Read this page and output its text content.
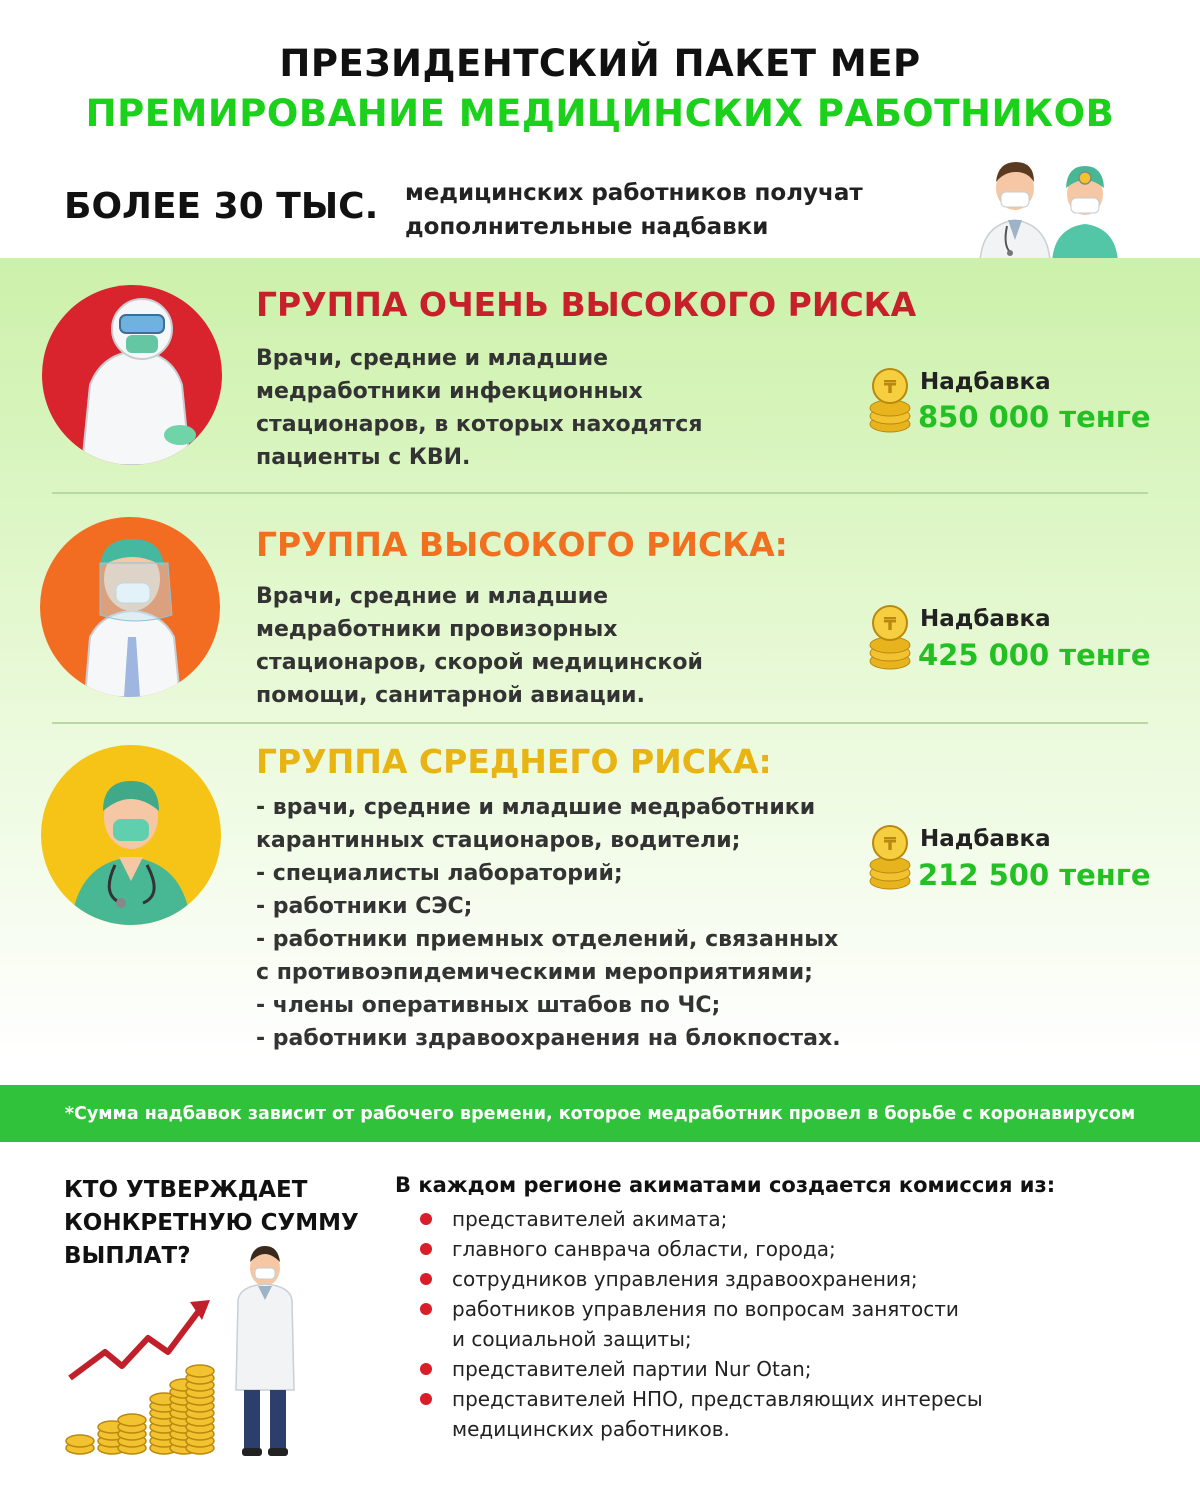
ПРЕЗИДЕНТСКИЙ ПАКЕТ МЕР
ПРЕМИРОВАНИЕ МЕДИЦИНСКИХ РАБОТНИКОВ
БОЛЕЕ 30 ТЫС. медицинских работников получат
дополнительные надбавки
ГРУППА ОЧЕНЬ ВЫСОКОГО РИСКА
Врачи, средние и младшие
медработники инфекционных
стационаров, в которых находятся
пациенты с КВИ.
₸ Надбавка
850 000 тенге
ГРУППА ВЫСОКОГО РИСКА:
Врачи, средние и младшие
медработники провизорных
стационаров, скорой медицинской
помощи, санитарной авиации.
₸ Надбавка
425 000 тенге
ГРУППА СРЕДНЕГО РИСКА:
- врачи, средние и младшие медработники
карантинных стационаров, водители;
- специалисты лабораторий;
- работники СЭС;
- работники приемных отделений, связанных
с противоэпидемическими мероприятиями;
- члены оперативных штабов по ЧС;
- работники здравоохранения на блокпостах.
₸ Надбавка
212 500 тенге
*Сумма надбавок зависит от рабочего времени, которое медработник провел в борьбе с коронавирусом
КТО УТВЕРЖДАЕТ
КОНКРЕТНУЮ СУММУ
ВЫПЛАТ?
В каждом регионе акиматами создается комиссия из:
представителей акимата;
главного санврача области, города;
сотрудников управления здравоохранения;
работников управления по вопросам занятости
и социальной защиты;
представителей партии Nur Otan;
представителей НПО, представляющих интересы
медицинских работников.
